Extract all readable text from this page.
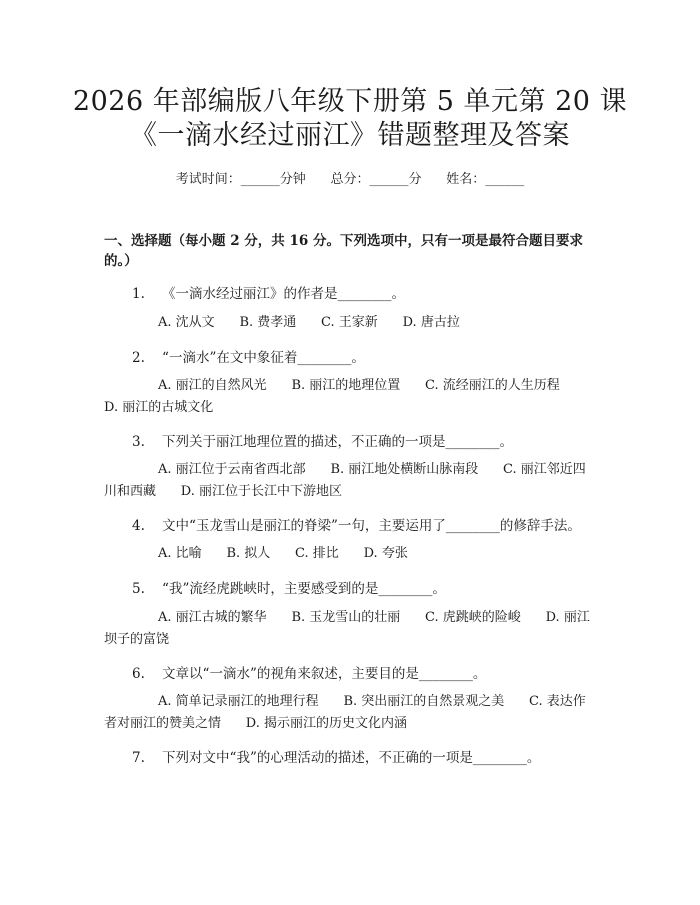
2026 年部编版八年级下册第 5 单元第 20 课
《一滴水经过丽江》错题整理及答案
考试时间：______分钟      总分：______分      姓名：______
一、选择题（每小题 2 分，共 16 分。下列选项中，只有一项是最符合题目要求的。）
1.    《一滴水经过丽江》的作者是________。
A. 沈从文      B. 费孝通      C. 王家新      D. 唐古拉
2.    “一滴水”在文中象征着________。
A. 丽江的自然风光      B. 丽江的地理位置      C. 流经丽江的人生历程      D. 丽江的古城文化
3.    下列关于丽江地理位置的描述，不正确的一项是________。
A. 丽江位于云南省西北部      B. 丽江地处横断山脉南段      C. 丽江邻近四川和西藏      D. 丽江位于长江中下游地区
4.    文中“玉龙雪山是丽江的脊梁”一句，主要运用了________的修辞手法。
A. 比喻      B. 拟人      C. 排比      D. 夸张
5.    “我”流经虎跳峡时，主要感受到的是________。
A. 丽江古城的繁华      B. 玉龙雪山的壮丽      C. 虎跳峡的险峻      D. 丽江坝子的富饶
6.    文章以“一滴水”的视角来叙述，主要目的是________。
A. 简单记录丽江的地理行程      B. 突出丽江的自然景观之美      C. 表达作者对丽江的赞美之情      D. 揭示丽江的历史文化内涵
7.    下列对文中“我”的心理活动的描述，不正确的一项是________。
